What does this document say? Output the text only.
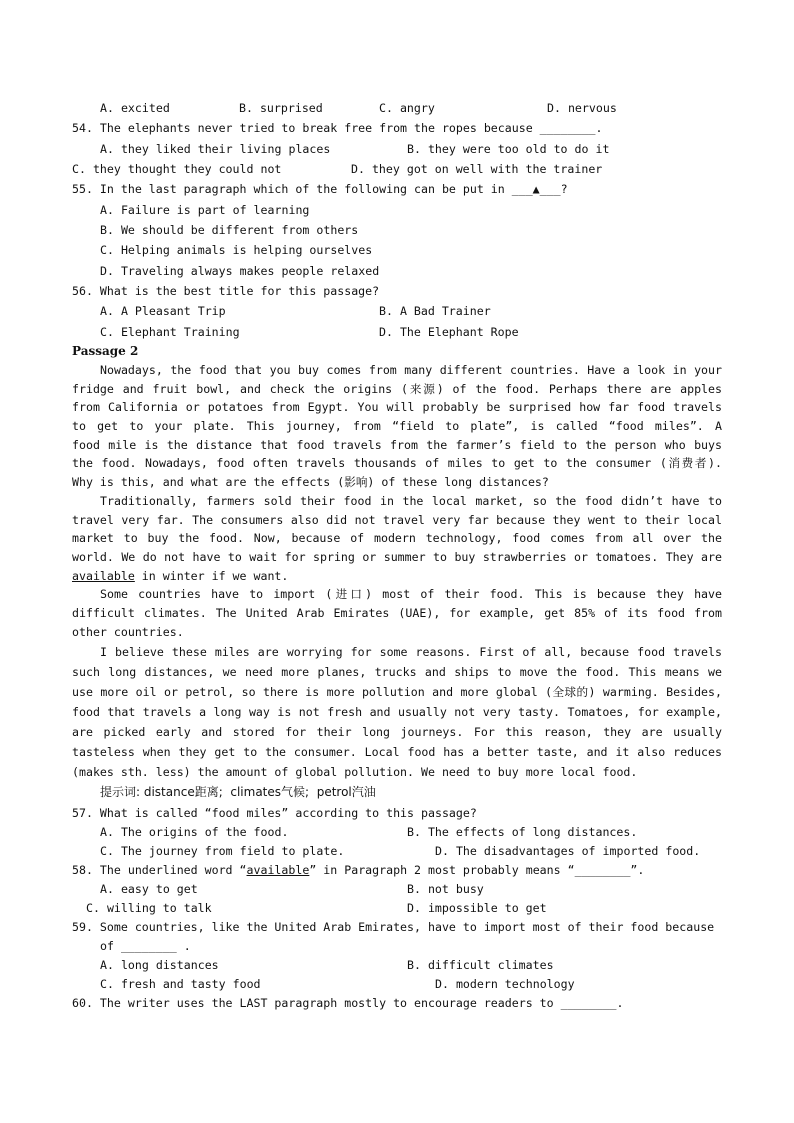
A. excited	B. surprised	C. angry	D. nervous
54. The elephants never tried to break free from the ropes because ________.
A. they liked their living places	B. they were too old to do it
C. they thought they could not	D. they got on well with the trainer
55. In the last paragraph which of the following can be put in ___▲___?
A. Failure is part of learning
B. We should be different from others
C. Helping animals is helping ourselves
D. Traveling always makes people relaxed
56. What is the best title for this passage?
A. A Pleasant Trip	B. A Bad Trainer
C. Elephant Training	D. The Elephant Rope
Passage 2
Nowadays, the food that you buy comes from many different countries. Have a look in your
fridge and fruit bowl, and check the origins (来源) of the food. Perhaps there are apples
from California or potatoes from Egypt. You will probably be surprised how far food travels
to get to your plate. This journey, from “field to plate”, is called “food miles”. A
food mile is the distance that food travels from the farmer’s field to the person who buys
the food. Nowadays, food often travels thousands of miles to get to the consumer (消费者).
Why is this, and what are the effects (影响) of these long distances?
Traditionally, farmers sold their food in the local market, so the food didn’t have to
travel very far. The consumers also did not travel very far because they went to their local
market to buy the food. Now, because of modern technology, food comes from all over the
world. We do not have to wait for spring or summer to buy strawberries or tomatoes. They are
available in winter if we want.
Some countries have to import (进口) most of their food. This is because they have
difficult climates. The United Arab Emirates (UAE), for example, get 85% of its food from
other countries.
I believe these miles are worrying for some reasons. First of all, because food travels
such long distances, we need more planes, trucks and ships to move the food. This means we
use more oil or petrol, so there is more pollution and more global (全球的) warming. Besides,
food that travels a long way is not fresh and usually not very tasty. Tomatoes, for example,
are picked early and stored for their long journeys. For this reason, they are usually
tasteless when they get to the consumer. Local food has a better taste, and it also reduces
(makes sth. less) the amount of global pollution. We need to buy more local food.
提示词: distance距离;  climates气候;  petrol汽油
57. What is called “food miles” according to this passage?
A. The origins of the food.	B. The effects of long distances.
C. The journey from field to plate.	D. The disadvantages of imported food.
58. The underlined word “available” in Paragraph 2 most probably means “________”.
A. easy to get	B. not busy
C. willing to talk	D. impossible to get
59. Some countries, like the United Arab Emirates, have to import most of their food because
of ________ .
A. long distances	B. difficult climates
C. fresh and tasty food	D. modern technology
60. The writer uses the LAST paragraph mostly to encourage readers to ________.
